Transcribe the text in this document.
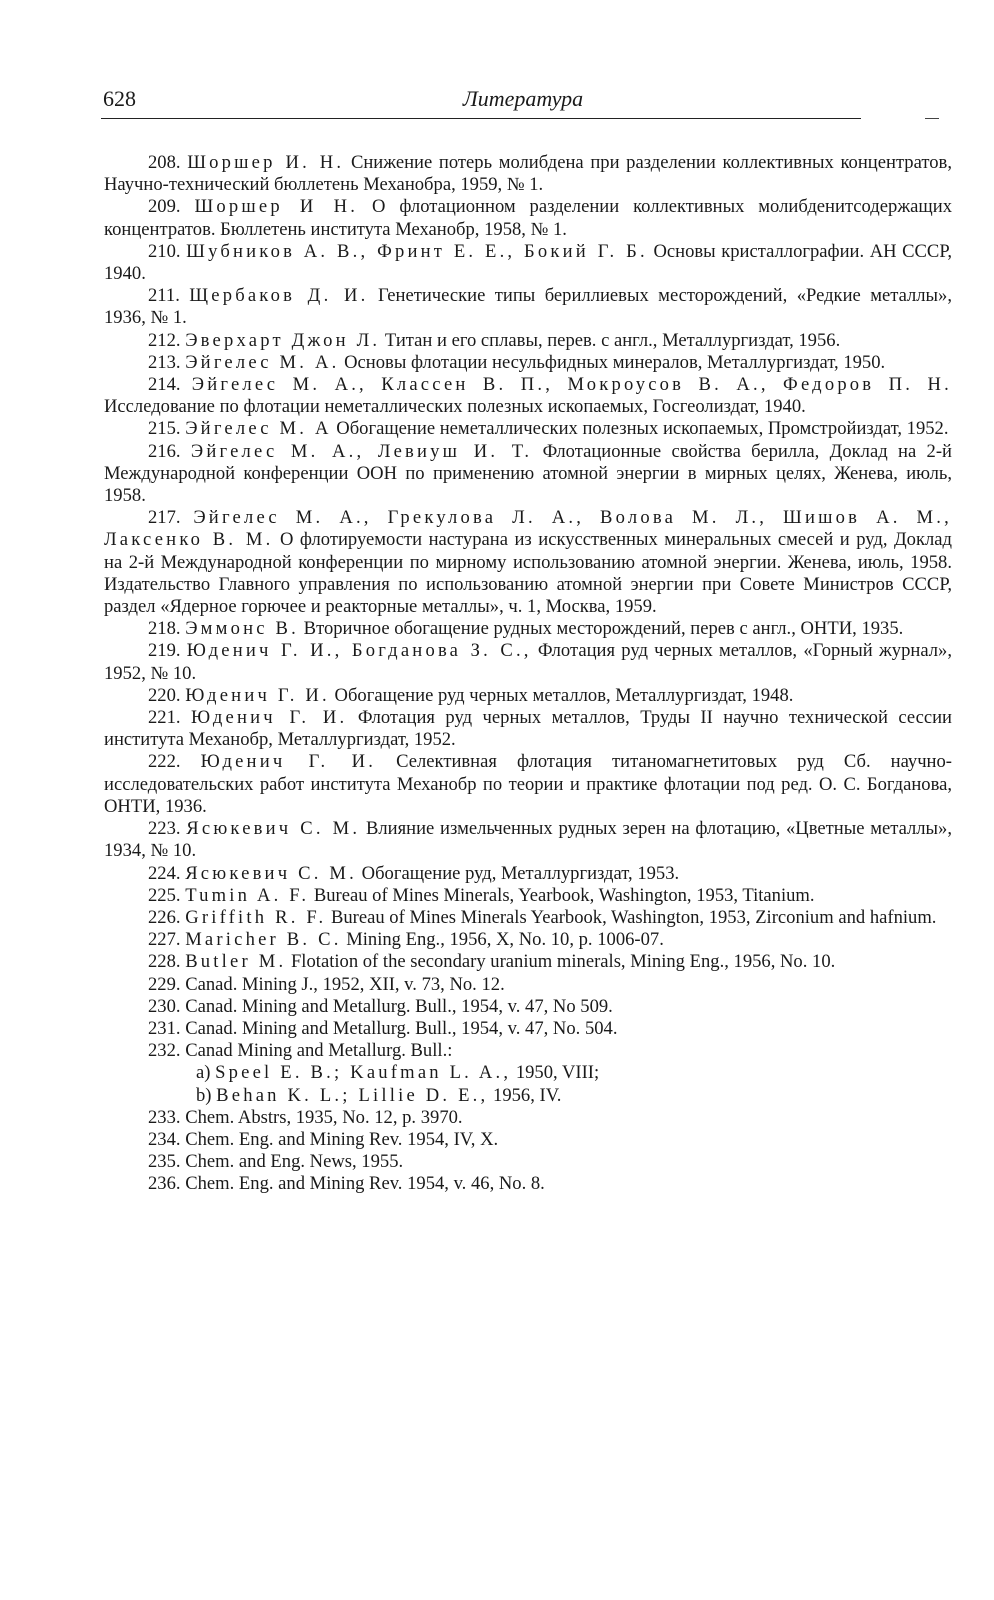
628	Литература

208. Шоршер И. Н. Снижение потерь молибдена при разделении коллективных концентратов, Научно-технический бюллетень Механобра, 1959, № 1.

209. Шоршер И Н. О флотационном разделении коллективных молибденитсодержащих концентратов. Бюллетень института Механобр, 1958, № 1.

210. Шубников А. В., Фринт Е. Е., Бокий Г. Б. Основы кристаллографии. АН СССР, 1940.

211. Щербаков Д. И. Генетические типы бериллиевых месторождений, «Редкие металлы», 1936, № 1.

212. Эверхарт Джон Л. Титан и его сплавы, перев. с англ., Металлургиздат, 1956.

213. Эйгелес М. А. Основы флотации несульфидных минералов, Металлургиздат, 1950.

214. Эйгелес М. А., Классен В. П., Мокроусов В. А., Федоров П. Н. Исследование по флотации неметаллических полезных ископаемых, Госгеолиздат, 1940.

215. Эйгелес М. А Обогащение неметаллических полезных ископаемых, Промстройиздат, 1952.

216. Эйгелес М. А., Левиуш И. Т. Флотационные свойства берилла, Доклад на 2-й Международной конференции ООН по применению атомной энергии в мирных целях, Женева, июль, 1958.

217. Эйгелес М. А., Грекулова Л. А., Волова М. Л., Шишов А. М., Лаксенко В. М. О флотируемости настурана из искусственных минеральных смесей и руд, Доклад на 2-й Международной конференции по мирному использованию атомной энергии. Женева, июль, 1958. Издательство Главного управления по использованию атомной энергии при Совете Министров СССР, раздел «Ядерное горючее и реакторные металлы», ч. 1, Москва, 1959.

218. Эммонс В. Вторичное обогащение рудных месторождений, перев с англ., ОНТИ, 1935.

219. Юденич Г. И., Богданова З. С., Флотация руд черных металлов, «Горный журнал», 1952, № 10.

220. Юденич Г. И. Обогащение руд черных металлов, Металлургиздат, 1948.

221. Юденич Г. И. Флотация руд черных металлов, Труды II научно технической сессии института Механобр, Металлургиздат, 1952.

222. Юденич Г. И. Селективная флотация титаномагнетитовых руд Сб. научно-исследовательских работ института Механобр по теории и практике флотации под ред. О. С. Богданова, ОНТИ, 1936.

223. Ясюкевич С. М. Влияние измельченных рудных зерен на флотацию, «Цветные металлы», 1934, № 10.

224. Ясюкевич С. М. Обогащение руд, Металлургиздат, 1953.

225. Tumin A. F. Bureau of Mines Minerals, Yearbook, Washington, 1953, Titanium.

226. Griffith R. F. Bureau of Mines Minerals Yearbook, Washington, 1953, Zirconium and hafnium.

227. Maricher B. C. Mining Eng., 1956, X, No. 10, p. 1006-07.

228. Butler M. Flotation of the secondary uranium minerals, Mining Eng., 1956, No. 10.

229. Canad. Mining J., 1952, XII, v. 73, No. 12.

230. Canad. Mining and Metallurg. Bull., 1954, v. 47, No 509.

231. Canad. Mining and Metallurg. Bull., 1954, v. 47, No. 504.

232. Canad Mining and Metallurg. Bull.:

a) Speel E. B.; Kaufman L. A., 1950, VIII;

b) Behan K. L.; Lillie D. E., 1956, IV.

233. Chem. Abstrs, 1935, No. 12, p. 3970.

234. Chem. Eng. and Mining Rev. 1954, IV, X.

235. Chem. and Eng. News, 1955.

236. Chem. Eng. and Mining Rev. 1954, v. 46, No. 8.
